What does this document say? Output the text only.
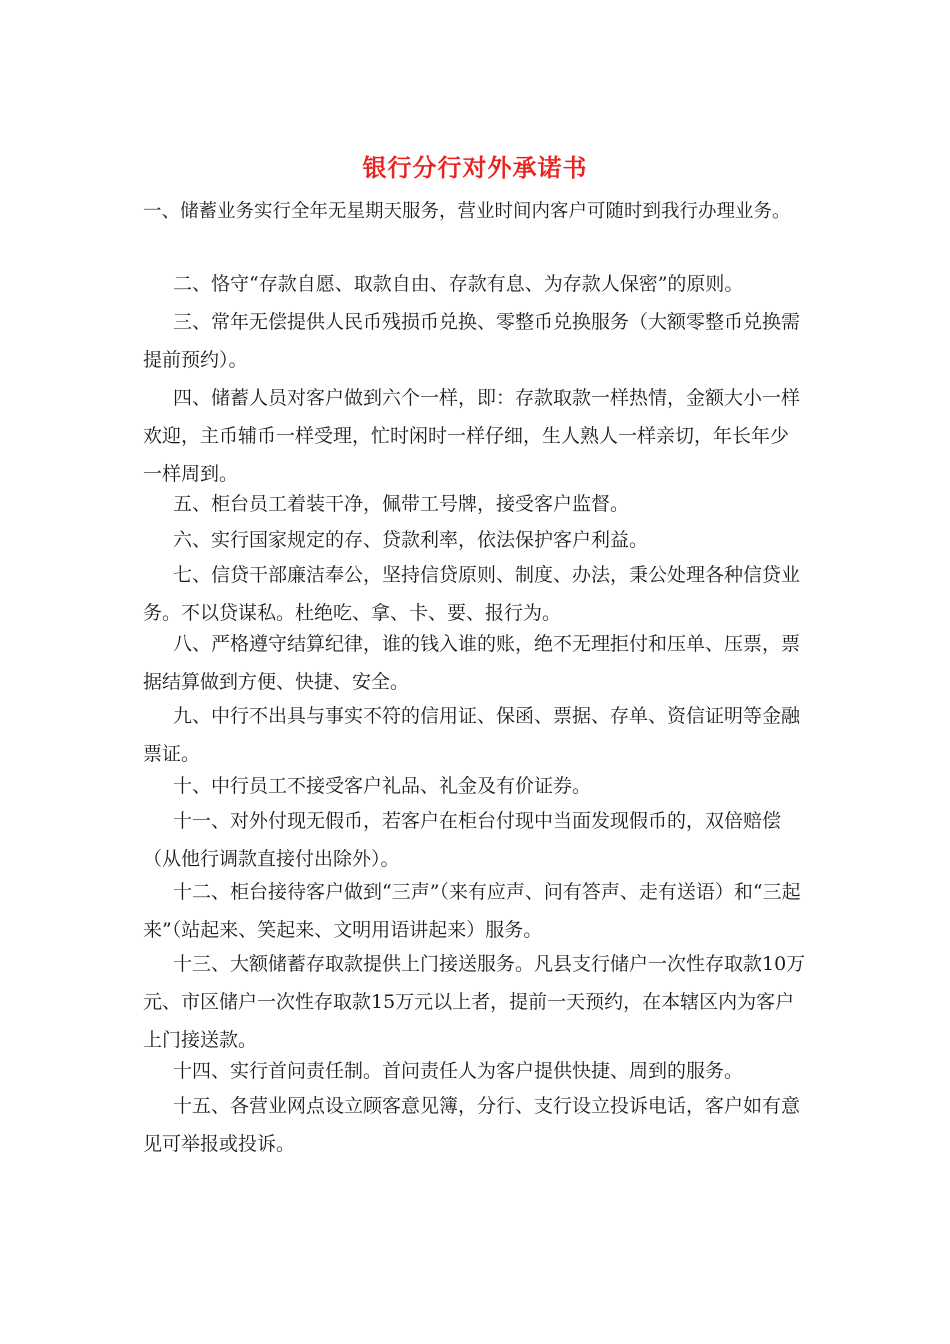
银行分行对外承诺书
一、储蓄业务实行全年无星期天服务，营业时间内客户可随时到我行办理业务。
二、恪守“存款自愿、取款自由、存款有息、为存款人保密”的原则。
三、常年无偿提供人民币残损币兑换、零整币兑换服务（大额零整币兑换需提前预约）。
四、储蓄人员对客户做到六个一样，即：存款取款一样热情，金额大小一样欢迎，主币辅币一样受理，忙时闲时一样仔细，生人熟人一样亲切，年长年少一样周到。
五、柜台员工着装干净，佩带工号牌，接受客户监督。
六、实行国家规定的存、贷款利率，依法保护客户利益。
七、信贷干部廉洁奉公，坚持信贷原则、制度、办法，秉公处理各种信贷业务。不以贷谋私。杜绝吃、拿、卡、要、报行为。
八、严格遵守结算纪律，谁的钱入谁的账，绝不无理拒付和压单、压票，票据结算做到方便、快捷、安全。
九、中行不出具与事实不符的信用证、保函、票据、存单、资信证明等金融票证。
十、中行员工不接受客户礼品、礼金及有价证券。
十一、对外付现无假币，若客户在柜台付现中当面发现假币的，双倍赔偿（从他行调款直接付出除外）。
十二、柜台接待客户做到“三声”（来有应声、问有答声、走有送语）和“三起来”（站起来、笑起来、文明用语讲起来）服务。
十三、大额储蓄存取款提供上门接送服务。凡县支行储户一次性存取款10万元、市区储户一次性存取款15万元以上者，提前一天预约，在本辖区内为客户上门接送款。
十四、实行首问责任制。首问责任人为客户提供快捷、周到的服务。
十五、各营业网点设立顾客意见簿，分行、支行设立投诉电话，客户如有意见可举报或投诉。
